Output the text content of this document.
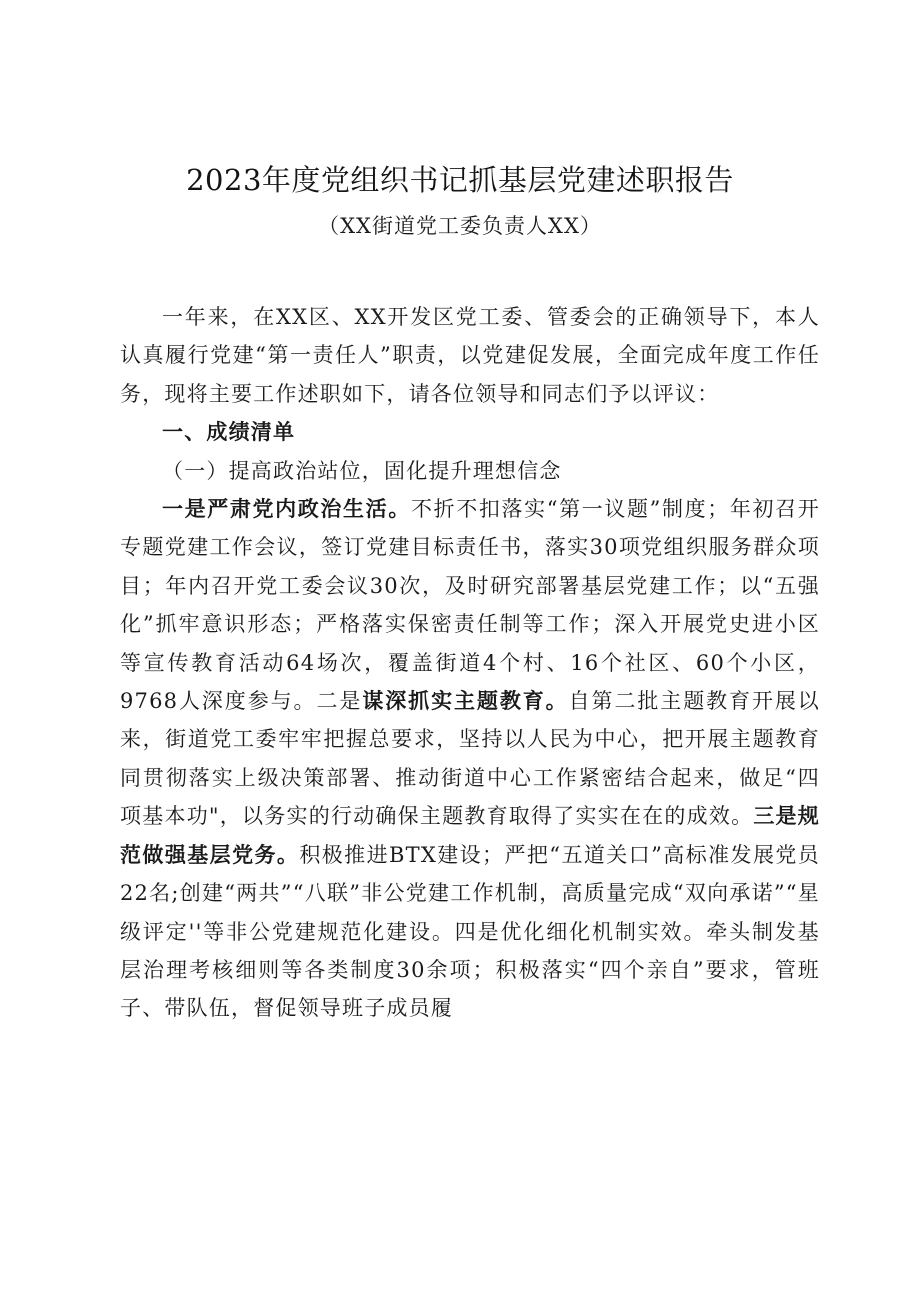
2023年度党组织书记抓基层党建述职报告
（XX街道党工委负责人XX）

一年来，在XX区、XX开发区党工委、管委会的正确领导下，本人认真履行党建“第一责任人”职责，以党建促发展，全面完成年度工作任务，现将主要工作述职如下，请各位领导和同志们予以评议：

一、成绩清单

（一）提高政治站位，固化提升理想信念

一是严肃党内政治生活。不折不扣落实“第一议题”制度；年初召开专题党建工作会议，签订党建目标责任书，落实30项党组织服务群众项目；年内召开党工委会议30次，及时研究部署基层党建工作；以“五强化”抓牢意识形态；严格落实保密责任制等工作；深入开展党史进小区等宣传教育活动64场次，覆盖街道4个村、16个社区、60个小区，9768人深度参与。二是谋深抓实主题教育。自第二批主题教育开展以来，街道党工委牢牢把握总要求，坚持以人民为中心，把开展主题教育同贯彻落实上级决策部署、推动街道中心工作紧密结合起来，做足“四项基本功"，以务实的行动确保主题教育取得了实实在在的成效。三是规范做强基层党务。积极推进BTX建设；严把“五道关口”高标准发展党员22名;创建“两共”“八联”非公党建工作机制，高质量完成“双向承诺”“星级评定''等非公党建规范化建设。四是优化细化机制实效。牵头制发基层治理考核细则等各类制度30余项；积极落实“四个亲自”要求，管班子、带队伍，督促领导班子成员履
